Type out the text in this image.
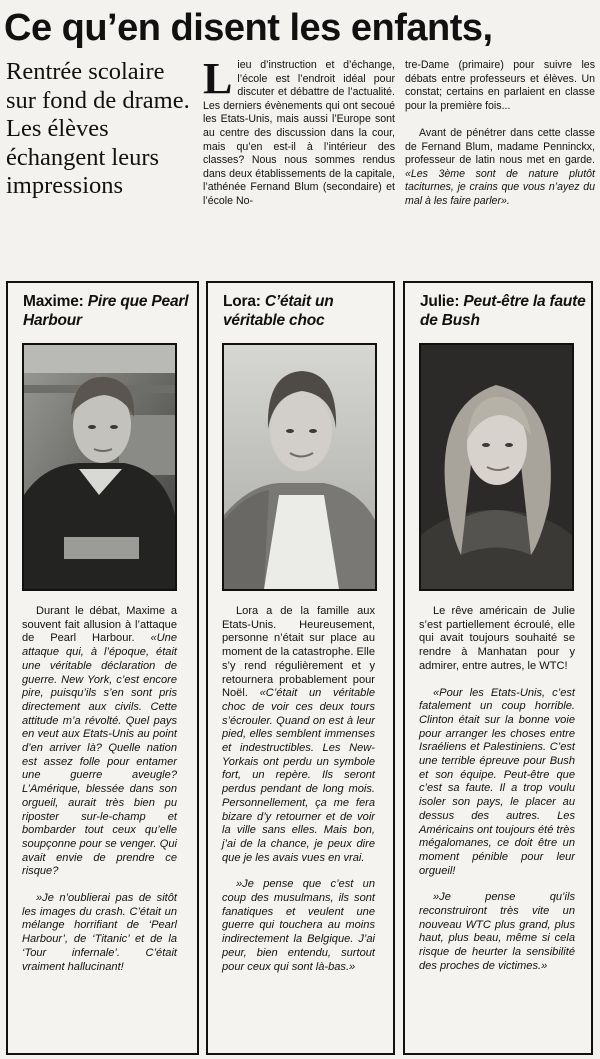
Ce qu’en disent les enfants,
Rentrée scolaire sur fond de drame. Les élèves échangent leurs impressions

Lieu d’instruction et d’échange, l’école est l’endroit idéal pour discuter et débattre de l’actualité. Les derniers évènements qui ont secoué les Etats-Unis, mais aussi l’Europe sont au centre des discussion dans la cour, mais qu’en est-il à l’intérieur des classes? Nous nous sommes rendus dans deux établissements de la capitale, l’athénée Fernand Blum (secondaire) et l’école No-

tre-Dame (primaire) pour suivre les débats entre professeurs et élèves. Un constat; certains en parlaient en classe pour la première fois...

Avant de pénétrer dans cette classe de Fernand Blum, madame Penninckx, professeur de latin nous met en garde. «Les 3ème sont de nature plutôt taciturnes, je crains que vous n’ayez du mal à les faire parler».

Maxime: Pire que Pearl Harbour

Durant le débat, Maxime a souvent fait allusion à l’attaque de Pearl Harbour. «Une attaque qui, à l’époque, était une véritable déclaration de guerre. New York, c’est encore pire, puisqu’ils s’en sont pris directement aux civils. Cette attitude m’a révolté. Quel pays en veut aux Etats-Unis au point d’en arriver là? Quelle nation est assez folle pour entamer une guerre aveugle? L’Amérique, blessée dans son orgueil, aurait très bien pu riposter sur-le-champ et bombarder tout ceux qu’elle soupçonne pour se venger. Qui avait envie de prendre ce risque?

»Je n’oublierai pas de sitôt les images du crash. C’était un mélange horrifiant de ‘Pearl Harbour’, de ‘Titanic’ et de la ‘Tour infernale’. C’était vraiment hallucinant!

Lora: C’était un véritable choc

Lora a de la famille aux Etats-Unis. Heureusement, personne n’était sur place au moment de la catastrophe. Elle s’y rend régulièrement et y retournera probablement pour Noël. «C’était un véritable choc de voir ces deux tours s’écrouler. Quand on est à leur pied, elles semblent immenses et indestructibles. Les New-Yorkais ont perdu un symbole fort, un repère. Ils seront perdus pendant de long mois. Personnellement, ça me fera bizare d’y retourner et de voir la ville sans elles. Mais bon, j’ai de la chance, je peux dire que je les avais vues en vrai.

»Je pense que c’est un coup des musulmans, ils sont fanatiques et veulent une guerre qui touchera au moins indirectement la Belgique. J’ai peur, bien entendu, surtout pour ceux qui sont là-bas.»

Julie: Peut-être la faute de Bush

Le rêve américain de Julie s’est partiellement écroulé, elle qui avait toujours souhaité se rendre à Manhatan pour y admirer, entre autres, le WTC!

«Pour les Etats-Unis, c’est fatalement un coup horrible. Clinton était sur la bonne voie pour arranger les choses entre Israéliens et Palestiniens. C’est une terrible épreuve pour Bush et son équipe. Peut-être que c’est sa faute. Il a trop voulu isoler son pays, le placer au dessus des autres. Les Américains ont toujours été très mégalomanes, ce doit être un moment pénible pour leur orgueil!

»Je pense qu’ils reconstruiront très vite un nouveau WTC plus grand, plus haut, plus beau, même si cela risque de heurter la sensibilité des proches de victimes.»
